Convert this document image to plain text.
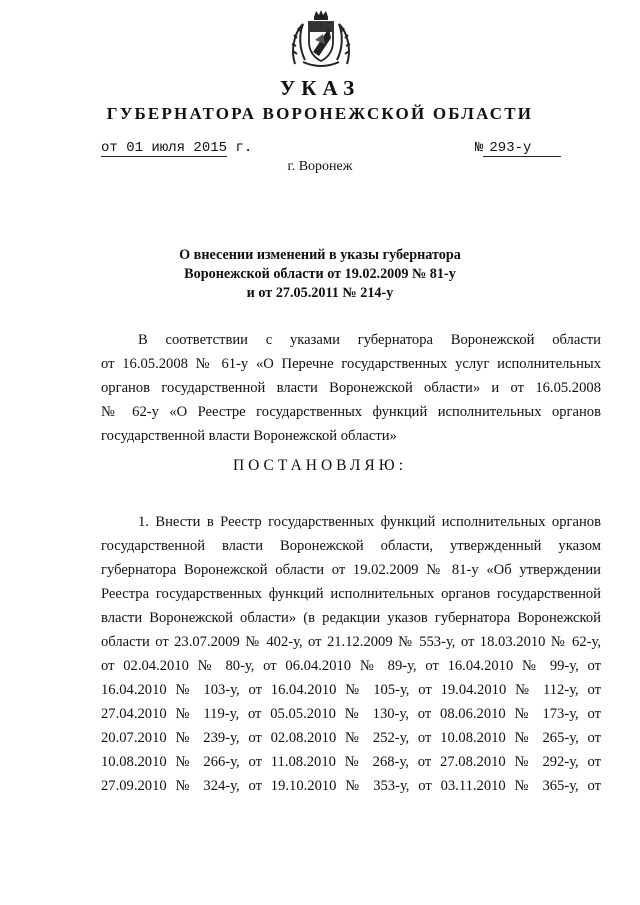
УКАЗ
ГУБЕРНАТОРА ВОРОНЕЖСКОЙ ОБЛАСТИ
от 01 июля 2015 г.	№ 293-у
г. Воронеж
О внесении изменений в указы губернатора
Воронежской области от 19.02.2009 № 81-у
и от 27.05.2011 № 214-у
В соответствии с указами губернатора Воронежской области
от 16.05.2008 № 61-у «О Перечне государственных услуг исполнительных
органов государственной власти Воронежской области» и от 16.05.2008
№ 62-у «О Реестре государственных функций исполнительных органов
государственной власти Воронежской области»
ПОСТАНОВЛЯЮ:
1. Внести в Реестр государственных функций исполнительных органов
государственной власти Воронежской области, утвержденный указом
губернатора Воронежской области от 19.02.2009 № 81-у «Об утверждении
Реестра государственных функций исполнительных органов государственной
власти Воронежской области» (в редакции указов губернатора Воронежской
области от 23.07.2009 № 402-у, от 21.12.2009 № 553-у, от 18.03.2010 № 62-у,
от 02.04.2010 № 80-у, от 06.04.2010 № 89-у, от 16.04.2010 № 99-у, от
16.04.2010 № 103-у, от 16.04.2010 № 105-у, от 19.04.2010 № 112-у, от
27.04.2010 № 119-у, от 05.05.2010 № 130-у, от 08.06.2010 № 173-у, от
20.07.2010 № 239-у, от 02.08.2010 № 252-у, от 10.08.2010 № 265-у, от
10.08.2010 № 266-у, от 11.08.2010 № 268-у, от 27.08.2010 № 292-у, от
27.09.2010 № 324-у, от 19.10.2010 № 353-у, от 03.11.2010 № 365-у, от
